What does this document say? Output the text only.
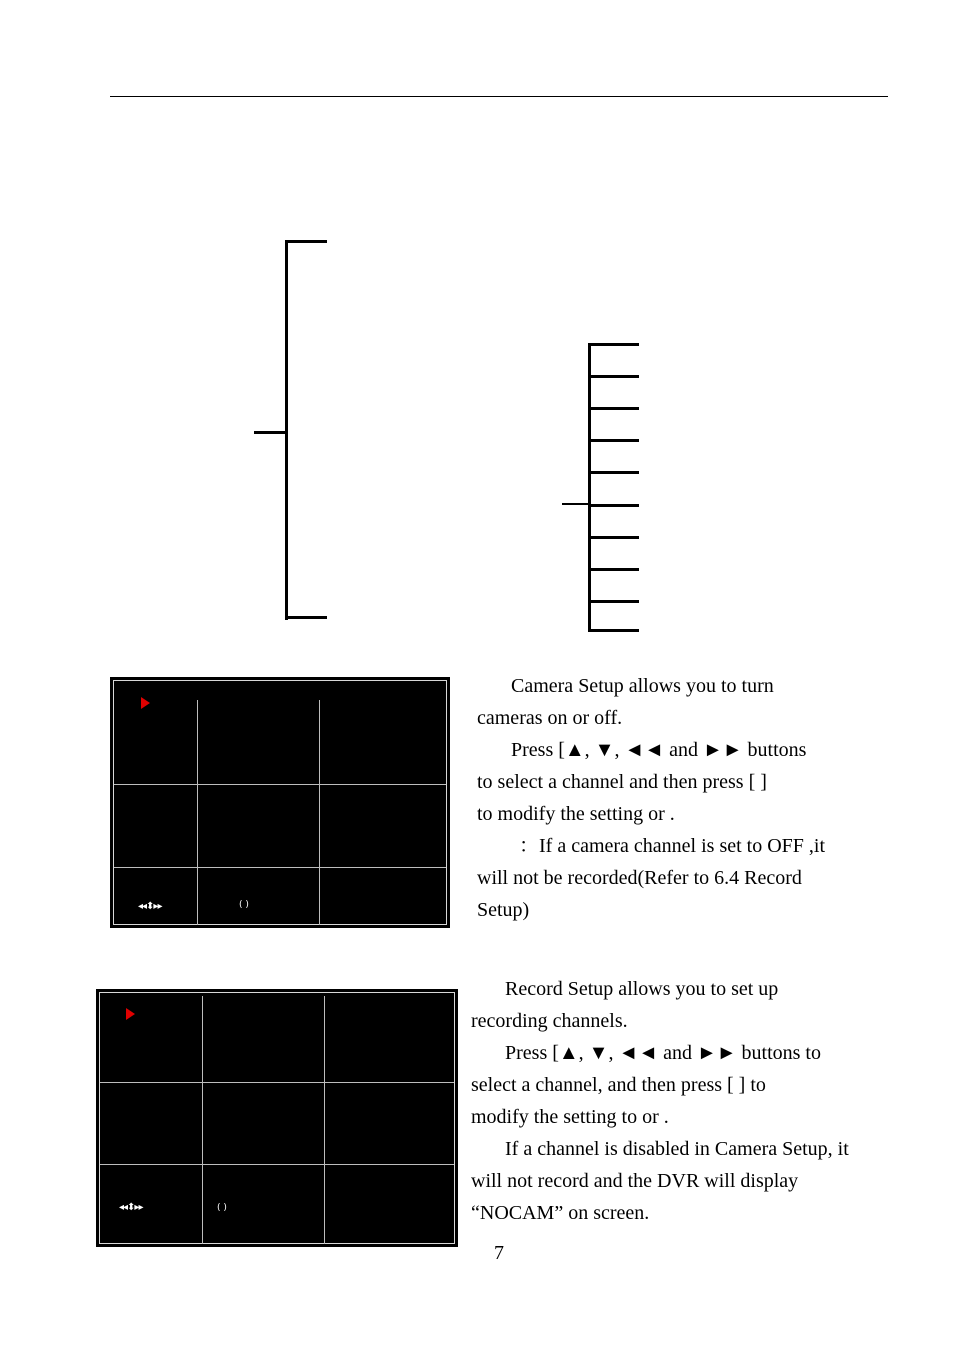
◂◂⬍▸▸	( )
Camera Setup allows you to turn
cameras on or off.
Press [▲, ▼, ◄◄ and ►► buttons
to select a channel and then press [ ]
to modify the setting or .
：If a camera channel is set to OFF ,it
will not be recorded(Refer to 6.4 Record
Setup)
◂◂⬍▸▸	( )
Record Setup allows you to set up
recording channels.
Press [▲, ▼, ◄◄ and ►► buttons to
select a channel, and then press [ ] to
modify the setting to or .
If a channel is disabled in Camera Setup, it
will not record and the DVR will display
“NOCAM” on screen.
7
